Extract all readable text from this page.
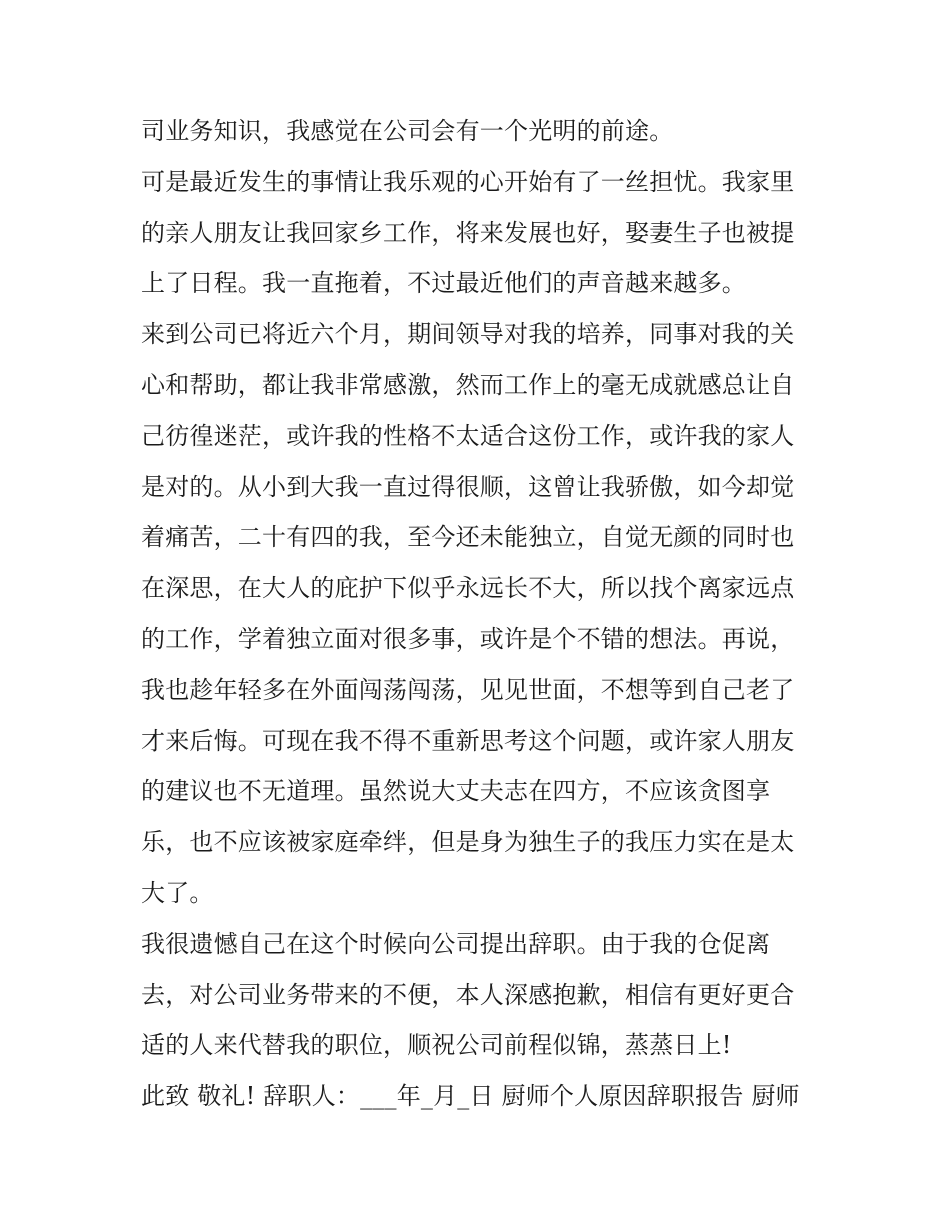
司业务知识，我感觉在公司会有一个光明的前途。
可是最近发生的事情让我乐观的心开始有了一丝担忧。我家里
的亲人朋友让我回家乡工作，将来发展也好，娶妻生子也被提
上了日程。我一直拖着，不过最近他们的声音越来越多。
来到公司已将近六个月，期间领导对我的培养，同事对我的关
心和帮助，都让我非常感激，然而工作上的毫无成就感总让自
己彷徨迷茫，或许我的性格不太适合这份工作，或许我的家人
是对的。从小到大我一直过得很顺，这曾让我骄傲，如今却觉
着痛苦，二十有四的我，至今还未能独立，自觉无颜的同时也
在深思，在大人的庇护下似乎永远长不大，所以找个离家远点
的工作，学着独立面对很多事，或许是个不错的想法。再说，
我也趁年轻多在外面闯荡闯荡，见见世面，不想等到自己老了
才来后悔。可现在我不得不重新思考这个问题，或许家人朋友
的建议也不无道理。虽然说大丈夫志在四方，不应该贪图享
乐，也不应该被家庭牵绊，但是身为独生子的我压力实在是太
大了。
我很遗憾自己在这个时候向公司提出辞职。由于我的仓促离
去，对公司业务带来的不便，本人深感抱歉，相信有更好更合
适的人来代替我的职位，顺祝公司前程似锦，蒸蒸日上!
此致 敬礼! 辞职人：___年_月_日 厨师个人原因辞职报告 厨师
